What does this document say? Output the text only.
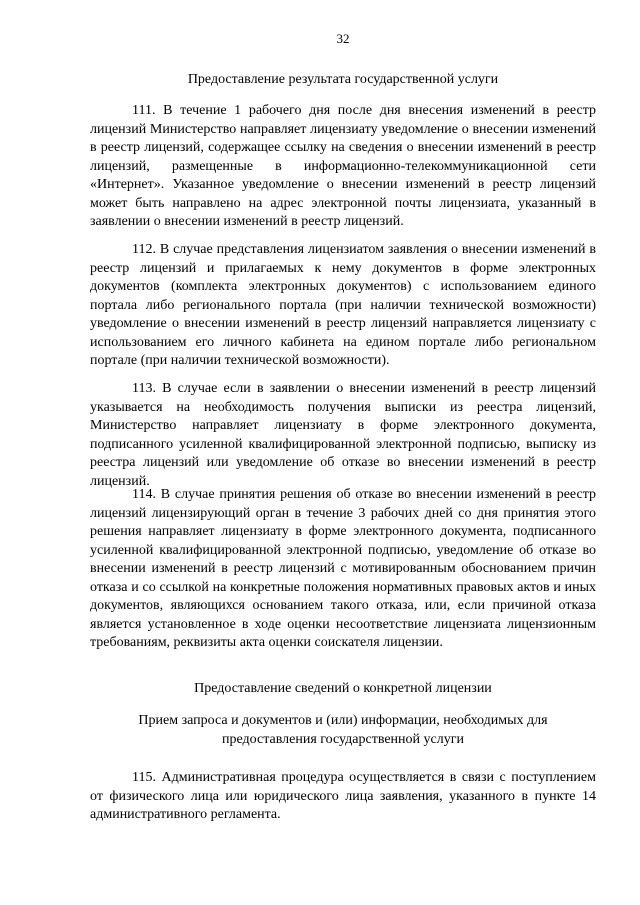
32
Предоставление результата государственной услуги

111. В течение 1 рабочего дня после дня внесения изменений в реестр лицензий Министерство направляет лицензиату уведомление о внесении изменений в реестр лицензий, содержащее ссылку на сведения о внесении изменений в реестр лицензий, размещенные в информационно-телекоммуникационной сети «Интернет». Указанное уведомление о внесении изменений в реестр лицензий может быть направлено на адрес электронной почты лицензиата, указанный в заявлении о внесении изменений в реестр лицензий.

112. В случае представления лицензиатом заявления о внесении изменений в реестр лицензий и прилагаемых к нему документов в форме электронных документов (комплекта электронных документов) с использованием единого портала либо регионального портала (при наличии технической возможности) уведомление о внесении изменений в реестр лицензий направляется лицензиату с использованием его личного кабинета на едином портале либо региональном портале (при наличии технической возможности).

113. В случае если в заявлении о внесении изменений в реестр лицензий указывается на необходимость получения выписки из реестра лицензий, Министерство направляет лицензиату в форме электронного документа, подписанного усиленной квалифицированной электронной подписью, выписку из реестра лицензий или уведомление об отказе во внесении изменений в реестр лицензий.

114. В случае принятия решения об отказе во внесении изменений в реестр лицензий лицензирующий орган в течение 3 рабочих дней со дня принятия этого решения направляет лицензиату в форме электронного документа, подписанного усиленной квалифицированной электронной подписью, уведомление об отказе во внесении изменений в реестр лицензий с мотивированным обоснованием причин отказа и со ссылкой на конкретные положения нормативных правовых актов и иных документов, являющихся основанием такого отказа, или, если причиной отказа является установленное в ходе оценки несоответствие лицензиата лицензионным требованиям, реквизиты акта оценки соискателя лицензии.

Предоставление сведений о конкретной лицензии
Прием запроса и документов и (или) информации, необходимых для
предоставления государственной услуги

115. Административная процедура осуществляется в связи с поступлением от физического лица или юридического лица заявления, указанного в пункте 14 административного регламента.
